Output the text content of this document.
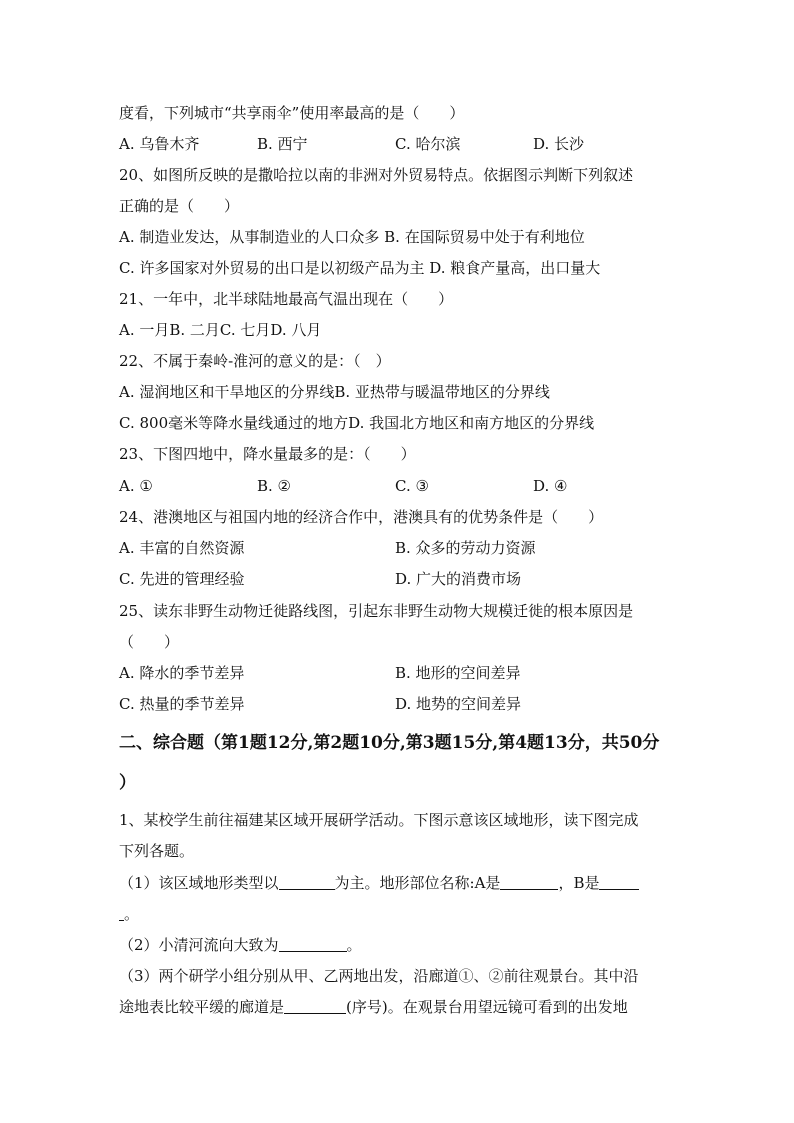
度看，下列城市“共享雨伞”使用率最高的是（　　）
A. 乌鲁木齐	B. 西宁	C. 哈尔滨	D. 长沙
20、如图所反映的是撒哈拉以南的非洲对外贸易特点。依据图示判断下列叙述
正确的是（　　）
A. 制造业发达，从事制造业的人口众多 B. 在国际贸易中处于有利地位
C. 许多国家对外贸易的出口是以初级产品为主 D. 粮食产量高，出口量大
21、一年中，北半球陆地最高气温出现在（　　）
A. 一月B. 二月C. 七月D. 八月
22、不属于秦岭-淮河的意义的是：（　）
A. 湿润地区和干旱地区的分界线B. 亚热带与暖温带地区的分界线
C. 800毫米等降水量线通过的地方D. 我国北方地区和南方地区的分界线
23、下图四地中，降水量最多的是：（　　）
A. ①	B. ②	C. ③	D. ④
24、港澳地区与祖国内地的经济合作中，港澳具有的优势条件是（　　）
A. 丰富的自然资源	B. 众多的劳动力资源
C. 先进的管理经验	D. 广大的消费市场
25、读东非野生动物迁徙路线图，引起东非野生动物大规模迁徙的根本原因是
（　　）
A. 降水的季节差异	B. 地形的空间差异
C. 热量的季节差异	D. 地势的空间差异
二、综合题（第1题12分,第2题10分,第3题15分,第4题13分，共50分
）
1、某校学生前往福建某区域开展研学活动。下图示意该区域地形，读下图完成
下列各题。
（1）该区域地形类型以	为主。地形部位名称:A是	，B是
。
（2）小清河流向大致为	。
（3）两个研学小组分别从甲、乙两地出发，沿廊道①、②前往观景台。其中沿
途地表比较平缓的廊道是	(序号)。在观景台用望远镜可看到的出发地
